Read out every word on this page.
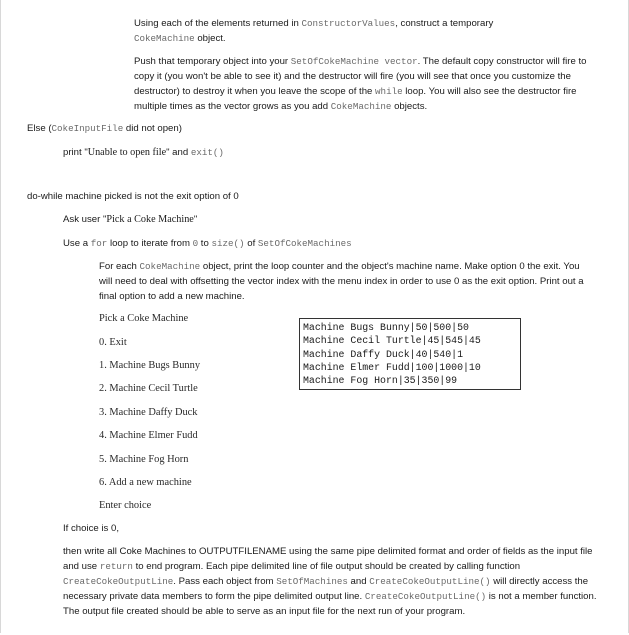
Using each of the elements returned in ConstructorValues, construct a temporary
CokeMachine object.
Push that temporary object into your SetOfCokeMachine vector. The default copy constructor will fire to copy it (you won't be able to see it) and the destructor will fire (you will see that once you customize the destructor) to destroy it when you leave the scope of the while loop. You will also see the destructor fire multiple times as the vector grows as you add CokeMachine objects.
Else (CokeInputFile did not open)
print "Unable to open file" and exit()
do-while machine picked is not the exit option of 0
Ask user "Pick a Coke Machine"
Use a for loop to iterate from 0 to size() of SetOfCokeMachines
For each CokeMachine object, print the loop counter and the object's machine name. Make option 0 the exit. You will need to deal with offsetting the vector index with the menu index in order to use 0 as the exit option. Print out a final option to add a new machine.
Pick a Coke Machine
0. Exit
1. Machine Bugs Bunny
2. Machine Cecil Turtle
3. Machine Daffy Duck
4. Machine Elmer Fudd
5. Machine Fog Horn
6. Add a new machine
Enter choice
Machine Bugs Bunny|50|500|50
Machine Cecil Turtle|45|545|45
Machine Daffy Duck|40|540|1
Machine Elmer Fudd|100|1000|10
Machine Fog Horn|35|350|99
If choice is 0,
then write all Coke Machines to OUTPUTFILENAME using the same pipe delimited format and order of fields as the input file and use return to end program. Each pipe delimited line of file output should be created by calling function CreateCokeOutputLine. Pass each object from SetOfMachines and CreateCokeOutputLine() will directly access the necessary private data members to form the pipe delimited output line. CreateCokeOutputLine() is not a member function. The output file created should be able to serve as an input file for the next run of your program.
